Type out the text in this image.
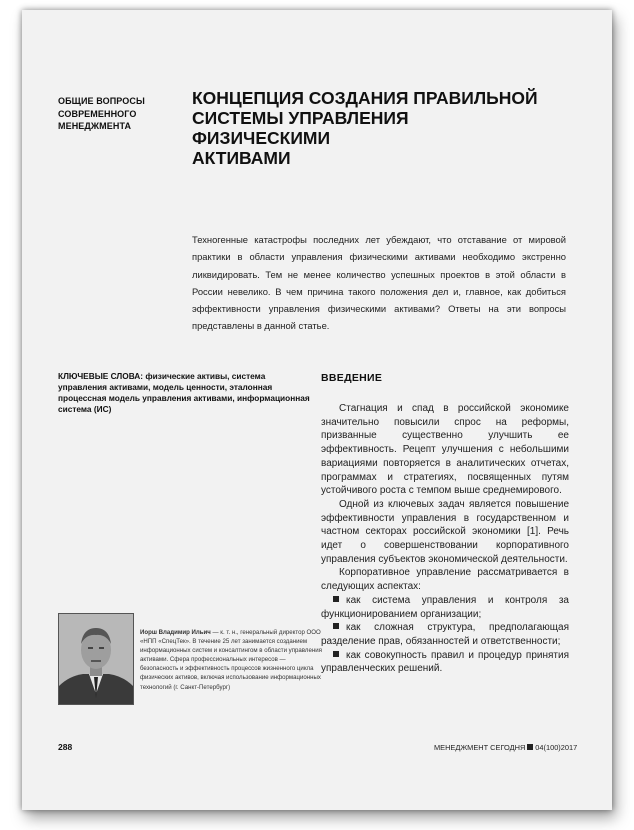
ОБЩИЕ ВОПРОСЫ
СОВРЕМЕННОГО
МЕНЕДЖМЕНТА
КОНЦЕПЦИЯ СОЗДАНИЯ ПРАВИЛЬНОЙ
СИСТЕМЫ УПРАВЛЕНИЯ ФИЗИЧЕСКИМИ
АКТИВАМИ
Техногенные катастрофы последних лет убеждают, что отставание от мировой практики в области управления физическими активами необходимо экстренно ликвидировать. Тем не менее количество успешных проектов в этой области в России невелико. В чем причина такого положения дел и, главное, как добиться эффективности управления физическими активами? Ответы на эти вопросы представлены в данной статье.
КЛЮЧЕВЫЕ СЛОВА: физические активы, система управления активами, модель ценности, эталонная процессная модель управления активами, информационная система (ИС)
ВВЕДЕНИЕ

Стагнация и спад в российской экономике значительно повысили спрос на реформы, призванные существенно улучшить ее эффективность. Рецепт улучшения с небольшими вариациями повторяется в аналитических отчетах, программах и стратегиях, посвященных путям устойчивого роста с темпом выше среднемирового.

Одной из ключевых задач является повышение эффективности управления в государственном и частном секторах российской экономики [1]. Речь идет о совершенствовании корпоративного управления субъектов экономической деятельности.

Корпоративное управление рассматривается в следующих аспектах:

как система управления и контроля за функционированием организации;

как сложная структура, предполагающая разделение прав, обязанностей и ответственности;

как совокупность правил и процедур принятия управленческих решений.

Иорш Владимир Ильич — к. т. н., генеральный директор ООО «НПП «СпецТек». В течение 25 лет занимается созданием информационных систем и консалтингом в области управления активами. Сфера профессиональных интересов — безопасность и эффективность процессов жизненного цикла физических активов, включая использование информационных технологий (г. Санкт-Петербург)
288	МЕНЕДЖМЕНТ СЕГОДНЯ 04(100)2017
